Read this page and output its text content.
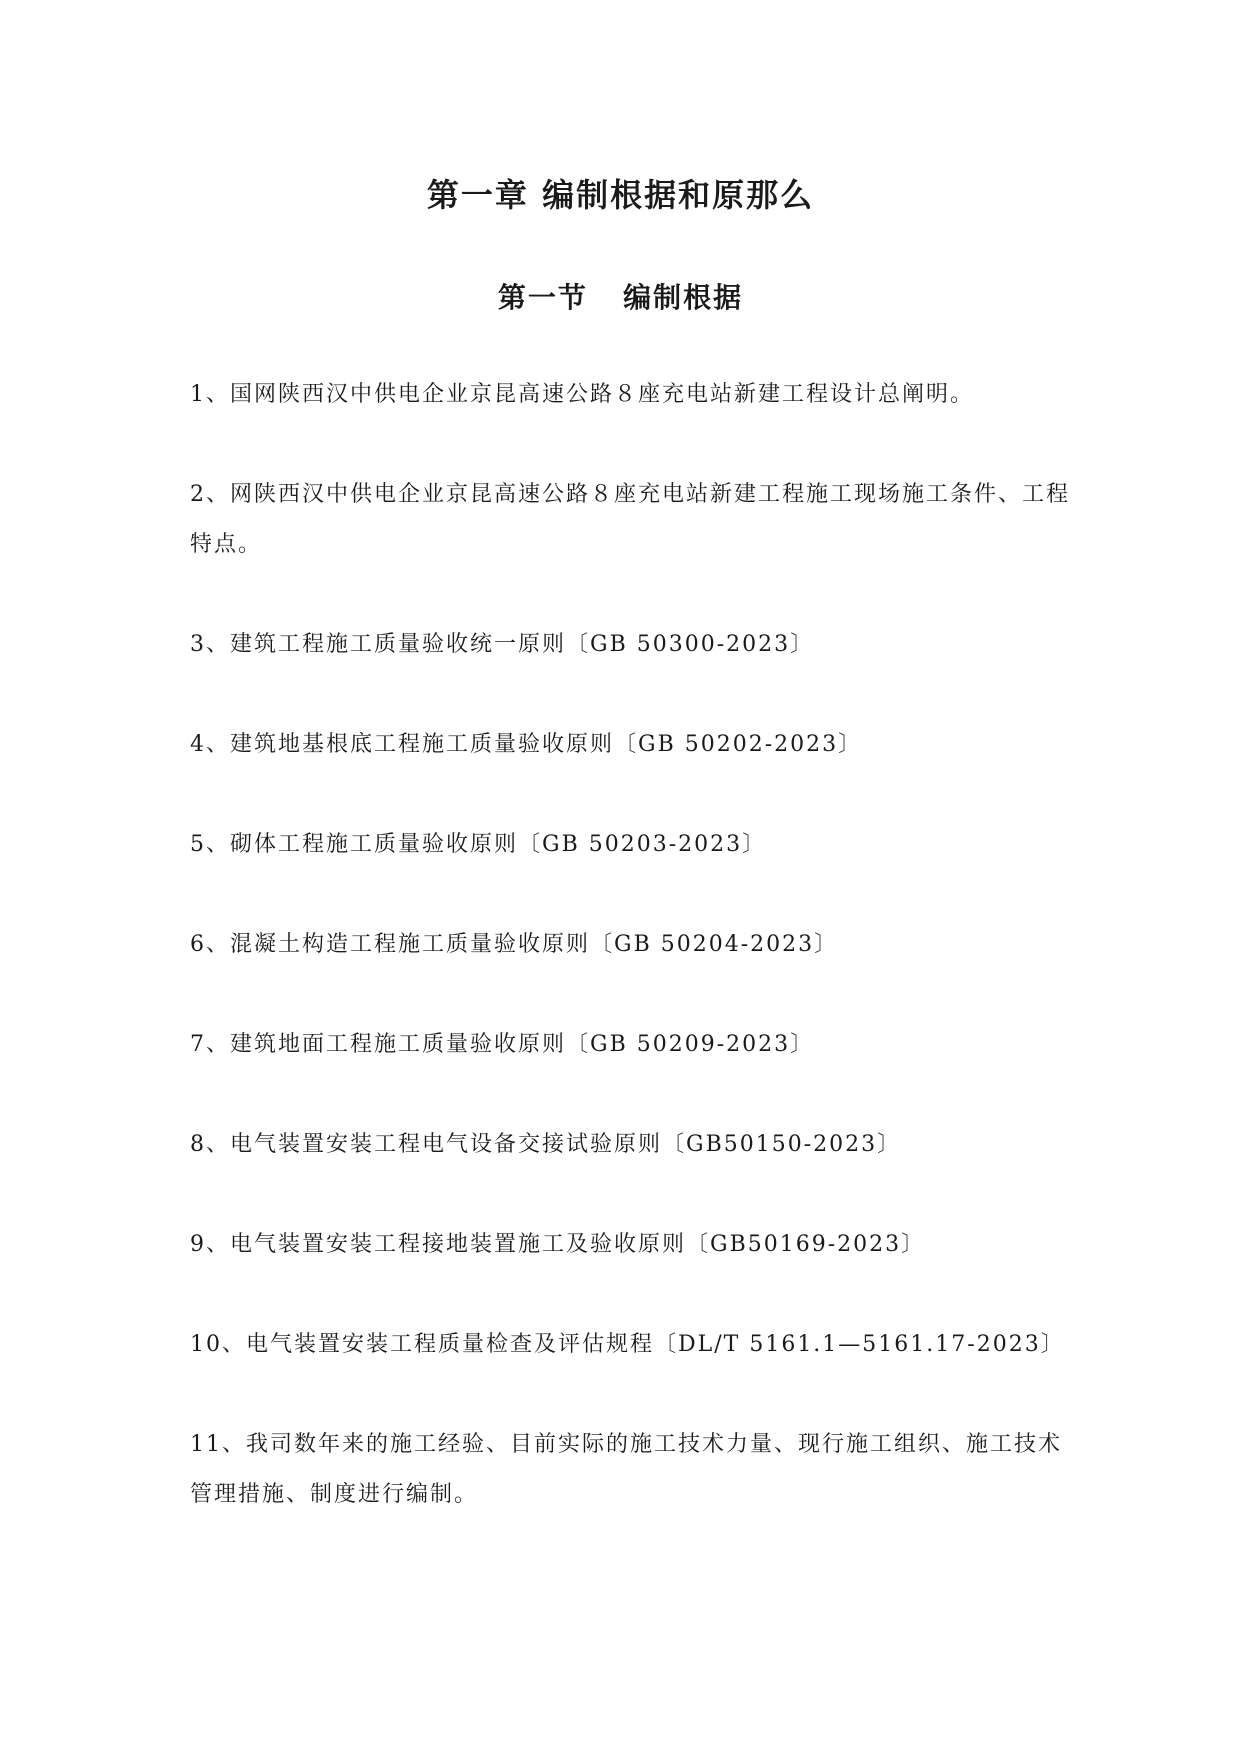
第一章 编制根据和原那么
第一节   编制根据
1、国网陕西汉中供电企业京昆高速公路８座充电站新建工程设计总阐明。
2、网陕西汉中供电企业京昆高速公路８座充电站新建工程施工现场施工条件、工程特点。
3、建筑工程施工质量验收统一原则〔GB 50300-2023〕
4、建筑地基根底工程施工质量验收原则〔GB 50202-2023〕
5、砌体工程施工质量验收原则〔GB 50203-2023〕
6、混凝土构造工程施工质量验收原则〔GB 50204-2023〕
7、建筑地面工程施工质量验收原则〔GB 50209-2023〕
8、电气装置安装工程电气设备交接试验原则〔GB50150-2023〕
9、电气装置安装工程接地装置施工及验收原则〔GB50169-2023〕
10、电气装置安装工程质量检查及评估规程〔DL/T 5161.1—5161.17-2023〕
11、我司数年来的施工经验、目前实际的施工技术力量、现行施工组织、施工技术管理措施、制度进行编制。
